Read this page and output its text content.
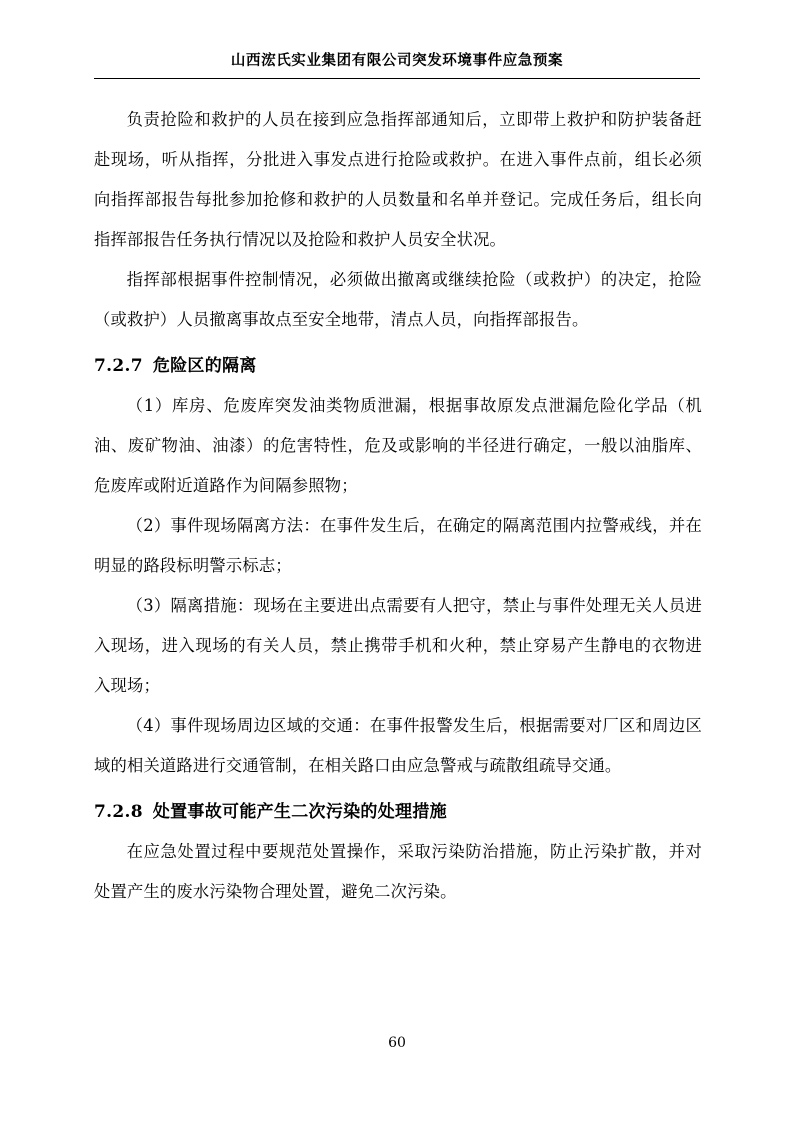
山西浤氏实业集团有限公司突发环境事件应急预案

负责抢险和救护的人员在接到应急指挥部通知后，立即带上救护和防护装备赶赴现场，听从指挥，分批进入事发点进行抢险或救护。在进入事件点前，组长必须向指挥部报告每批参加抢修和救护的人员数量和名单并登记。完成任务后，组长向指挥部报告任务执行情况以及抢险和救护人员安全状况。

指挥部根据事件控制情况，必须做出撤离或继续抢险（或救护）的决定，抢险（或救护）人员撤离事故点至安全地带，清点人员，向指挥部报告。

7.2.7 危险区的隔离

（1）库房、危废库突发油类物质泄漏，根据事故原发点泄漏危险化学品（机油、废矿物油、油漆）的危害特性，危及或影响的半径进行确定，一般以油脂库、危废库或附近道路作为间隔参照物；

（2）事件现场隔离方法：在事件发生后，在确定的隔离范围内拉警戒线，并在明显的路段标明警示标志；

（3）隔离措施：现场在主要进出点需要有人把守，禁止与事件处理无关人员进入现场，进入现场的有关人员，禁止携带手机和火种，禁止穿易产生静电的衣物进入现场；

（4）事件现场周边区域的交通：在事件报警发生后，根据需要对厂区和周边区域的相关道路进行交通管制，在相关路口由应急警戒与疏散组疏导交通。

7.2.8 处置事故可能产生二次污染的处理措施

在应急处置过程中要规范处置操作，采取污染防治措施，防止污染扩散，并对处置产生的废水污染物合理处置，避免二次污染。

60
